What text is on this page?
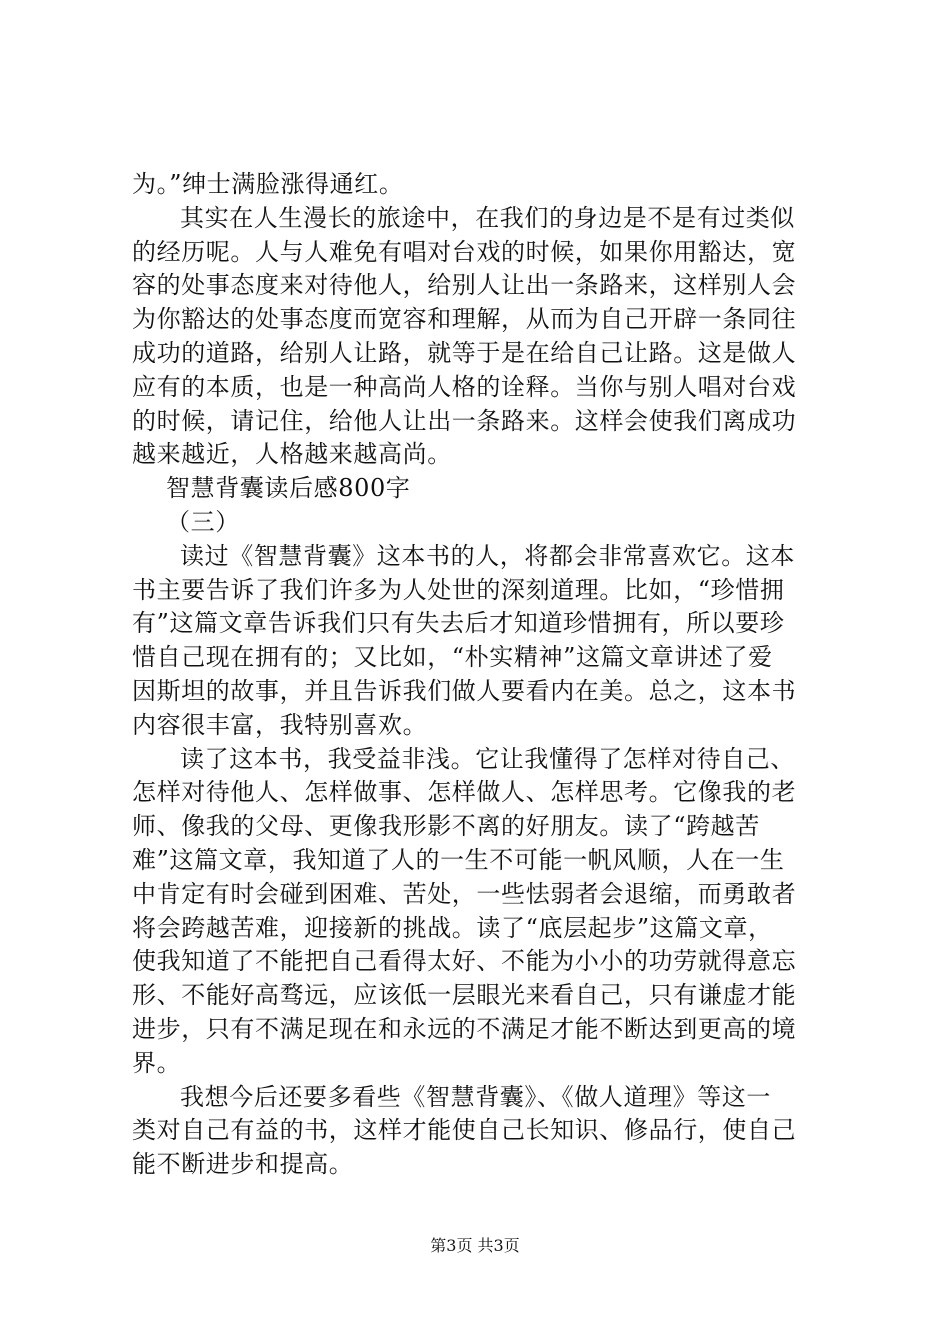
为。”绅士满脸涨得通红。
其实在人生漫长的旅途中，在我们的身边是不是有过类似
的经历呢。人与人难免有唱对台戏的时候，如果你用豁达，宽
容的处事态度来对待他人，给别人让出一条路来，这样别人会
为你豁达的处事态度而宽容和理解，从而为自己开辟一条同往
成功的道路，给别人让路，就等于是在给自己让路。这是做人
应有的本质，也是一种高尚人格的诠释。当你与别人唱对台戏
的时候，请记住，给他人让出一条路来。这样会使我们离成功
越来越近，人格越来越高尚。
智慧背囊读后感800字
（三）
读过《智慧背囊》这本书的人，将都会非常喜欢它。这本
书主要告诉了我们许多为人处世的深刻道理。比如，“珍惜拥
有”这篇文章告诉我们只有失去后才知道珍惜拥有，所以要珍
惜自己现在拥有的；又比如，“朴实精神”这篇文章讲述了爱
因斯坦的故事，并且告诉我们做人要看内在美。总之，这本书
内容很丰富，我特别喜欢。
读了这本书，我受益非浅。它让我懂得了怎样对待自己、
怎样对待他人、怎样做事、怎样做人、怎样思考。它像我的老
师、像我的父母、更像我形影不离的好朋友。读了“跨越苦
难”这篇文章，我知道了人的一生不可能一帆风顺，人在一生
中肯定有时会碰到困难、苦处，一些怯弱者会退缩，而勇敢者
将会跨越苦难，迎接新的挑战。读了“底层起步”这篇文章，
使我知道了不能把自己看得太好、不能为小小的功劳就得意忘
形、不能好高骛远，应该低一层眼光来看自己，只有谦虚才能
进步，只有不满足现在和永远的不满足才能不断达到更高的境
界。
我想今后还要多看些《智慧背囊》、《做人道理》等这一
类对自己有益的书，这样才能使自己长知识、修品行，使自己
能不断进步和提高。
第3页 共3页
